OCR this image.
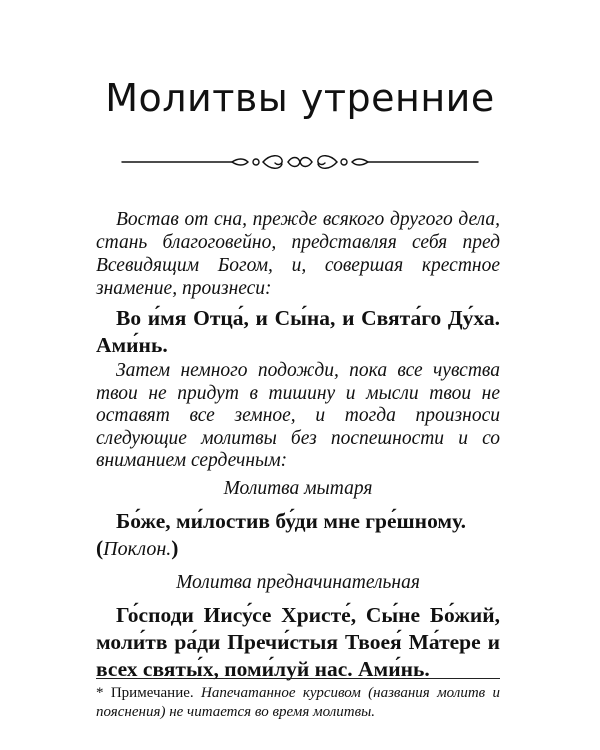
Молитвы утренние
Востав от сна, прежде всякого другого дела, стань благоговейно, представляя себя пред Всевидящим Богом, и, совершая крестное знамение, произнеси:
Во и́мя Отца́, и Сы́на, и Свята́го Ду́ха. Ами́нь.
Затем немного подожди, пока все чувства твои не придут в тишину и мысли твои не оставят все земное, и тогда произноси следующие молитвы без поспешности и со вниманием сердечным:
Молитва мытаря
Бо́же, ми́лостив бу́ди мне гре́шному.
(Поклон.)
Молитва предначинательная
Го́споди Иису́се Христе́, Сы́не Бо́жий, моли́тв ра́ди Пречи́стыя Твоея́ Ма́тере и всех святы́х, поми́луй нас. Ами́нь.
* Примечание. Напечатанное курсивом (названия молитв и пояснения) не читается во время молитвы.
